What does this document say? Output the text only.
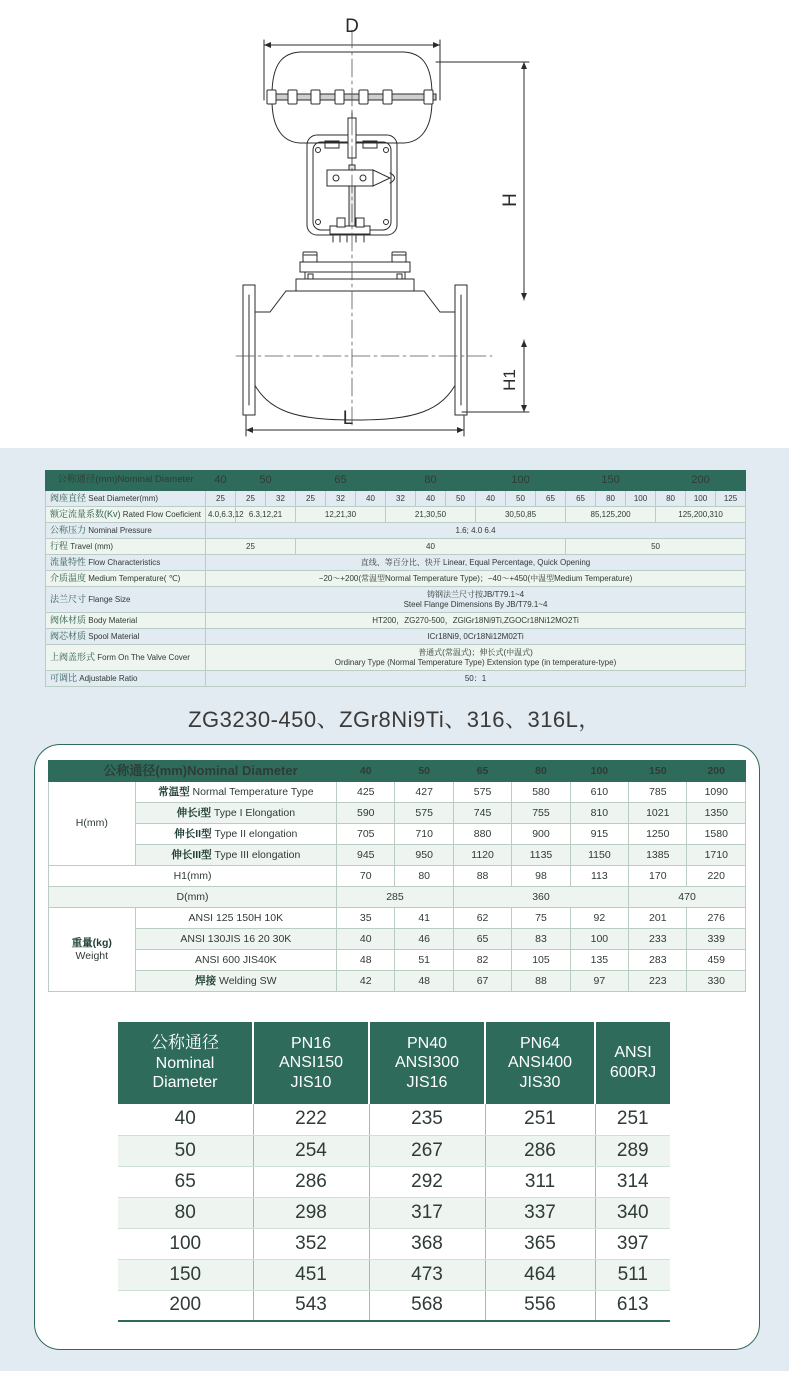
D
H
H1
L
公称通径(mm)Nominal Diameter	40	50		65			80			100			150			200		
阀座直径 Seat Diameter(mm)	25	25	32	25	32	40	32	40	50	40	50	65	65	80	100	80	100	125
额定流量系数(Kv) Rated Flow Coeficient	4.0,6.3,12	6.3,12,21		12,21,30			21,30,50			30,50,85			85,125,200			125,200,310		
公称压力 Nominal Pressure	1.6; 4.0 6.4																	
行程 Travel (mm)	25			40									50					
流量特性 Flow Characteristics	直线、等百分比、快开 Linear, Equal Percentage, Quick Opening																	
介质温度 Medium Temperature( ℃)	−20～+200(常温型Normal Temperature Type)；−40～+450(中温型Medium Temperature)																	
法兰尺寸 Flange Size	铸钢法兰尺寸按JB/T79.1~4
Steel Flange Dimensions By JB/T79.1~4																	

阀体材质 Body Material	HT200，ZG270-500，ZGlGr18Ni9Ti,ZGOCr18Ni12MO2Ti																	
阀芯材质 Spool Material	ICr18Ni9, 0Cr18Ni12M02Ti																	
上阀盖形式 Form On The Valve Cover	普通式(常温式)；伸长式(中温式)
Ordinary Type (Normal Temperature Type) Extension type (in temperature-type)																	

可调比 Adjustable Ratio	50：1																	
ZG3230-450、ZGr8Ni9Ti、316、316L，
公称通径(mm)Nominal Diameter		40	50	65	80	100	150	200
H(mm)	常温型 Normal Temperature Type	425	427	575	580	610	785	1090
	伸长i型 Type I Elongation	590	575	745	755	810	1021	1350
	伸长II型 Type II elongation	705	710	880	900	915	1250	1580
	伸长III型 Type III elongation	945	950	1120	1135	1150	1385	1710
H1(mm)		70	80	88	98	113	170	220
D(mm)		285		360			470	

重量(kg)
Weight	ANSI 125 150H 10K	35	41	62	75	92	201	276
	ANSI 130JIS 16 20 30K	40	46	65	83	100	233	339
	ANSI 600 JIS40K	48	51	82	105	135	283	459
	焊接 Welding SW	42	48	67	88	97	223	330
公称通径
Nominal
Diameter

PN16
ANSI150
JIS10

PN40
ANSI300
JIS16

PN64
ANSI400
JIS30

ANSI
600RJ

40	222	235	251	251
50	254	267	286	289
65	286	292	311	314
80	298	317	337	340
100	352	368	365	397
150	451	473	464	511
200	543	568	556	613
